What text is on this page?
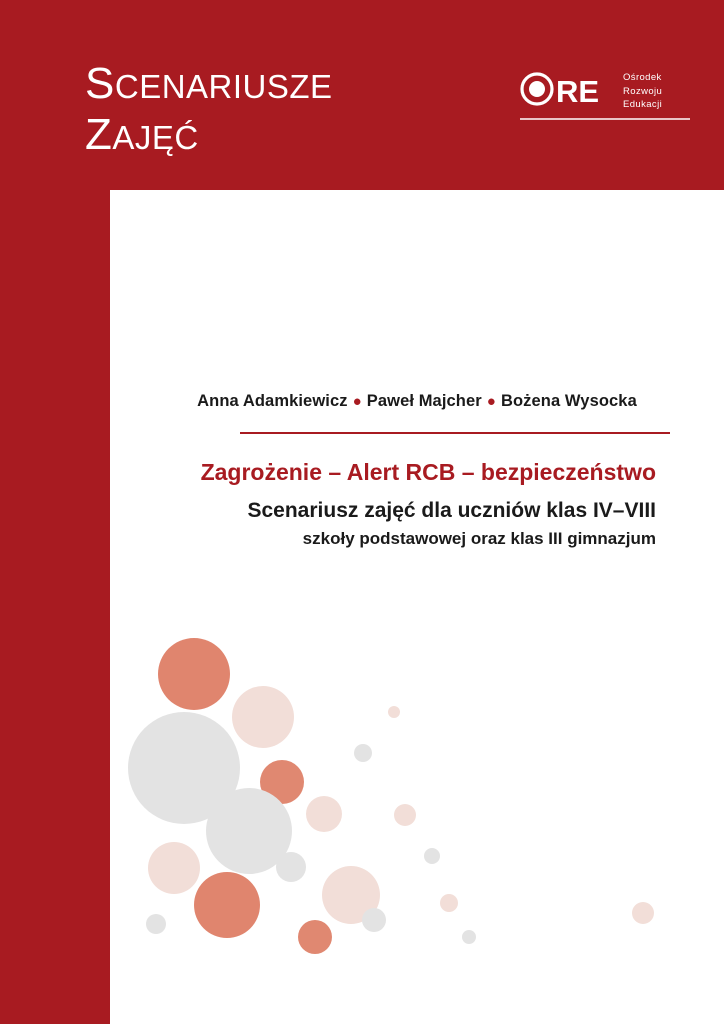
SCENARIUSZE
ZAJĘĆ
RE	Ośrodek
Rozwoju
Edukacji
Anna Adamkiewicz ● Paweł Majcher ● Bożena Wysocka
Zagrożenie – Alert RCB – bezpieczeństwo
Scenariusz zajęć dla uczniów klas IV–VIII
szkoły podstawowej oraz klas III gimnazjum
